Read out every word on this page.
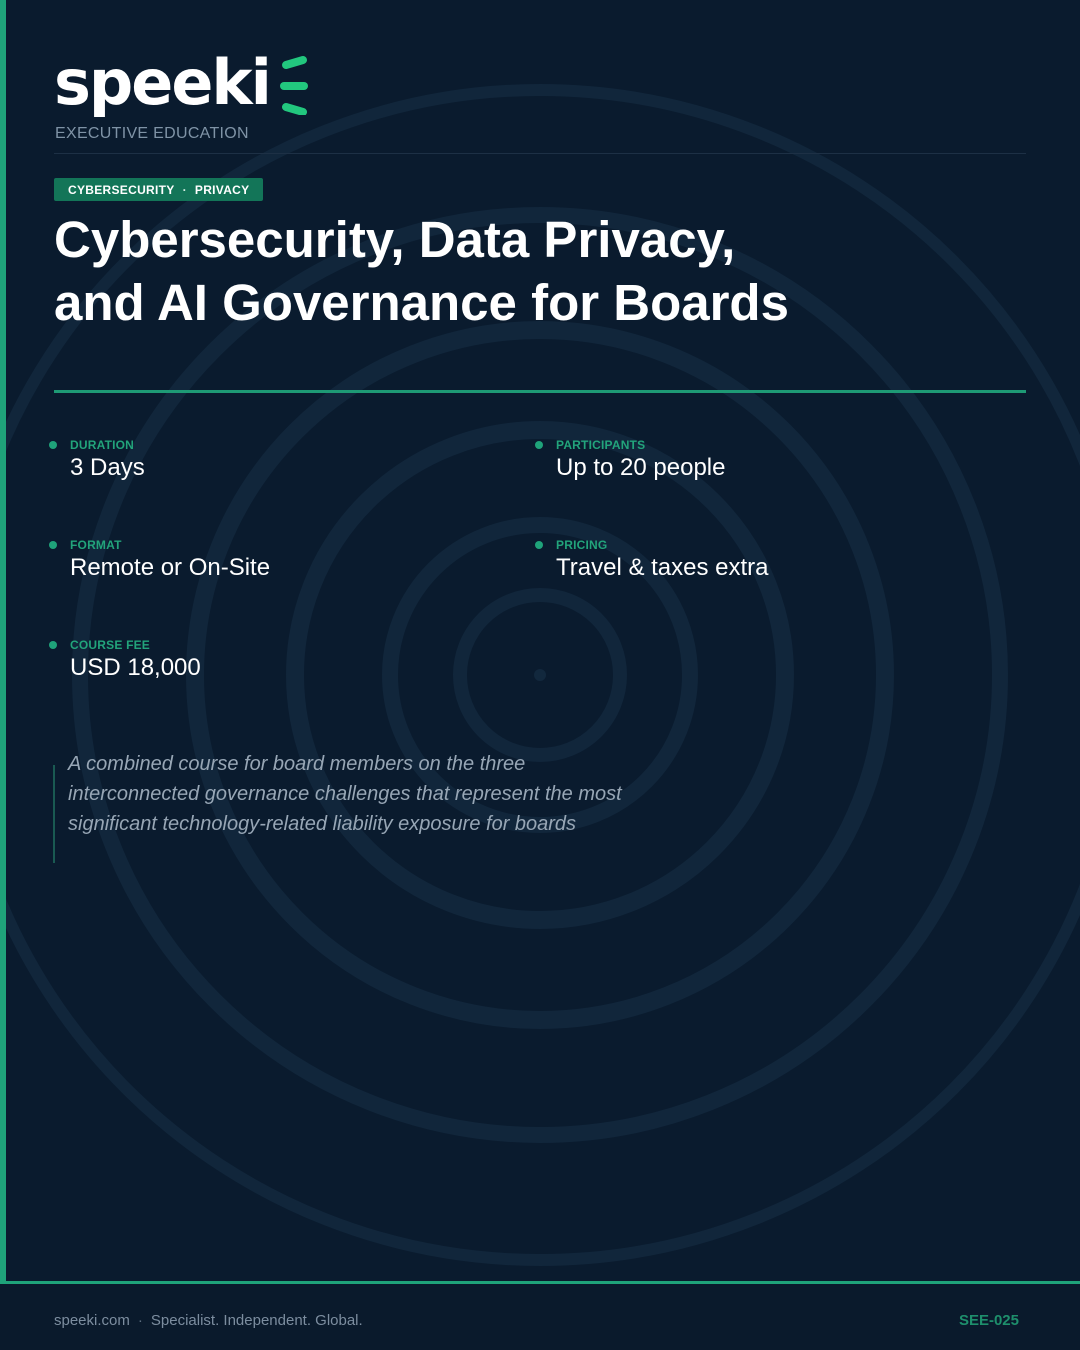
speeki
EXECUTIVE EDUCATION
CYBERSECURITY · PRIVACY
Cybersecurity, Data Privacy,
and AI Governance for Boards
DURATION
3 Days
PARTICIPANTS
Up to 20 people
FORMAT
Remote or On-Site
PRICING
Travel & taxes extra
COURSE FEE
USD 18,000

A combined course for board members on the three
interconnected governance challenges that represent the most
significant technology-related liability exposure for boards

speeki.com · Specialist. Independent. Global.	SEE-025
